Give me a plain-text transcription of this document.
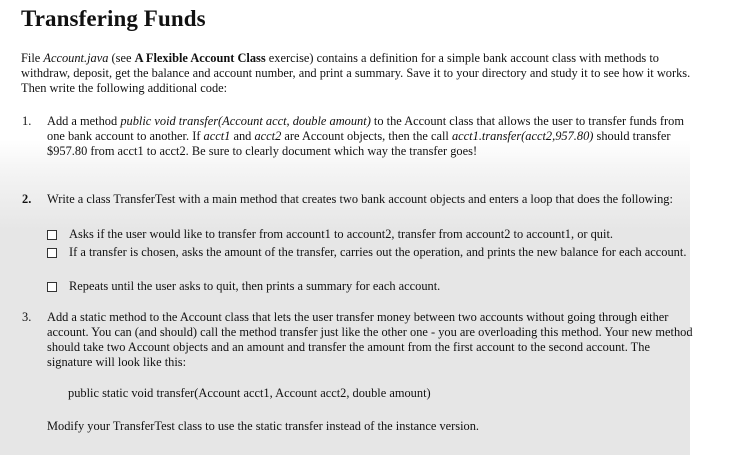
Transfering Funds

File Account.java (see A Flexible Account Class exercise) contains a definition for a simple bank account class with methods to withdraw, deposit, get the balance and account number, and print a summary. Save it to your directory and study it to see how it works. Then write the following additional code:

1. Add a method public void transfer(Account acct, double amount) to the Account class that allows the user to transfer funds from one bank account to another. If acct1 and acct2 are Account objects, then the call acct1.transfer(acct2,957.80) should transfer $957.80 from acct1 to acct2. Be sure to clearly document which way the transfer goes!

2. Write a class TransferTest with a main method that creates two bank account objects and enters a loop that does the following:

Asks if the user would like to transfer from account1 to account2, transfer from account2 to account1, or quit.
If a transfer is chosen, asks the amount of the transfer, carries out the operation, and prints the new balance for each account.
Repeats until the user asks to quit, then prints a summary for each account.
3. Add a static method to the Account class that lets the user transfer money between two accounts without going through either account. You can (and should) call the method transfer just like the other one - you are overloading this method. Your new method should take two Account objects and an amount and transfer the amount from the first account to the second account. The signature will look like this:

public static void transfer(Account acct1, Account acct2, double amount)
Modify your TransferTest class to use the static transfer instead of the instance version.
